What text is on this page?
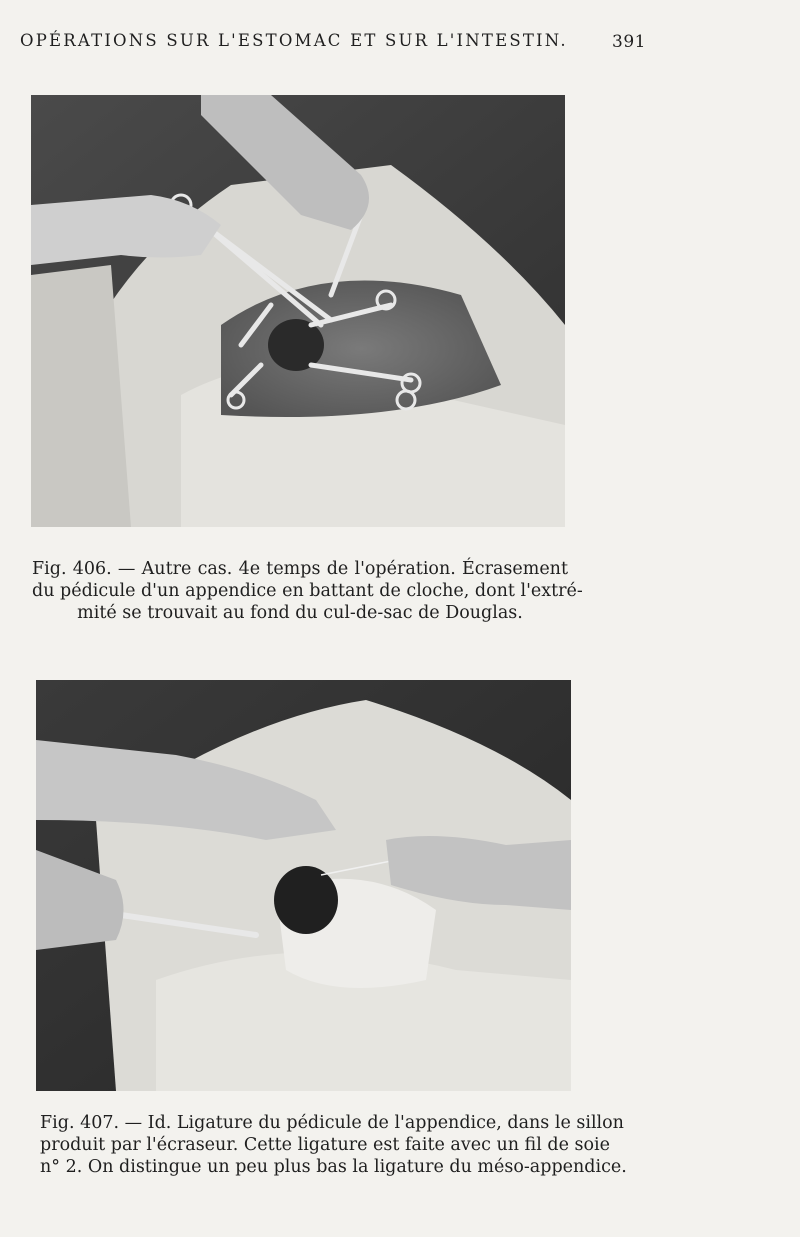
OPÉRATIONS SUR L'ESTOMAC ET SUR L'INTESTIN.	391
Fig. 406. — Autre cas. 4e temps de l'opération. Écrasement
du pédicule d'un appendice en battant de cloche, dont l'extré-
mité se trouvait au fond du cul-de-sac de Douglas.
Fig. 407. — Id. Ligature du pédicule de l'appendice, dans le sillon
produit par l'écraseur. Cette ligature est faite avec un fil de soie
n° 2. On distingue un peu plus bas la ligature du méso-appendice.
